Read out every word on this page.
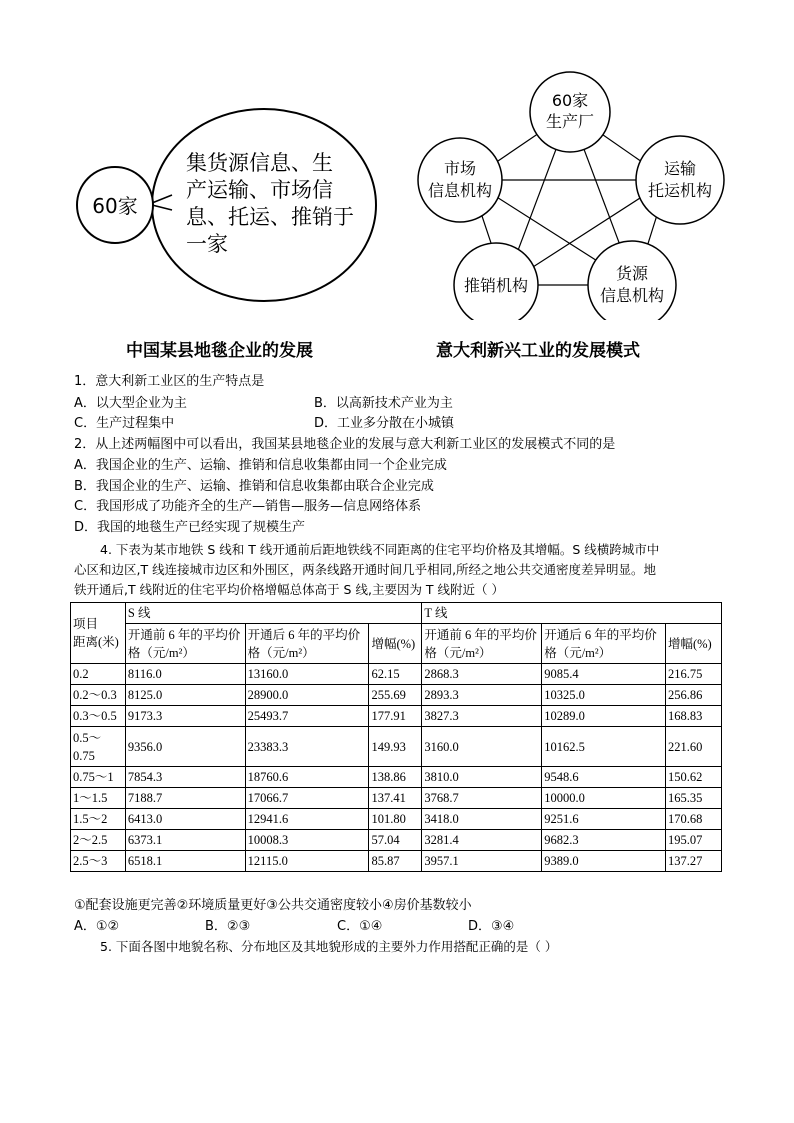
60家
集货源信息、生
产运输、市场信
息、托运、推销于
一家
中国某县地毯企业的发展
60家
生产厂
市场
信息机构
运输
托运机构
推销机构
货源
信息机构
意大利新兴工业的发展模式
1．意大利新工业区的生产特点是
A．以大型企业为主	B．以高新技术产业为主
C．生产过程集中	D．工业多分散在小城镇
2．从上述两幅图中可以看出，我国某县地毯企业的发展与意大利新工业区的发展模式不同的是
A．我国企业的生产、运输、推销和信息收集都由同一个企业完成
B．我国企业的生产、运输、推销和信息收集都由联合企业完成
C．我国形成了功能齐全的生产—销售—服务—信息网络体系
D．我国的地毯生产已经实现了规模生产
4. 下表为某市地铁 S 线和 T 线开通前后距地铁线不同距离的住宅平均价格及其增幅。S 线横跨城市中
心区和边区,T 线连接城市边区和外围区，两条线路开通时间几乎相同,所经之地公共交通密度差异明显。地
铁开通后,T 线附近的住宅平均价格增幅总体高于 S 线,主要因为 T 线附近（ ）
项目
距离(米)	S 线			T 线		
	开通前 6 年的平均价格（元/m²）	开通后 6 年的平均价格（元/m²）	增幅(%)	开通前 6 年的平均价格（元/m²）	开通后 6 年的平均价格（元/m²）	增幅(%)
0.2	8116.0	13160.0	62.15	2868.3	9085.4	216.75
0.2～0.3	8125.0	28900.0	255.69	2893.3	10325.0	256.86
0.3～0.5	9173.3	25493.7	177.91	3827.3	10289.0	168.83
0.5～0.75	9356.0	23383.3	149.93	3160.0	10162.5	221.60
0.75～1	7854.3	18760.6	138.86	3810.0	9548.6	150.62
1～1.5	7188.7	17066.7	137.41	3768.7	10000.0	165.35
1.5～2	6413.0	12941.6	101.80	3418.0	9251.6	170.68
2～2.5	6373.1	10008.3	57.04	3281.4	9682.3	195.07
2.5～3	6518.1	12115.0	85.87	3957.1	9389.0	137.27
①配套设施更完善②环境质量更好③公共交通密度较小④房价基数较小
A．①②	B．②③	C．①④	D．③④
5. 下面各图中地貌名称、分布地区及其地貌形成的主要外力作用搭配正确的是（ ）
